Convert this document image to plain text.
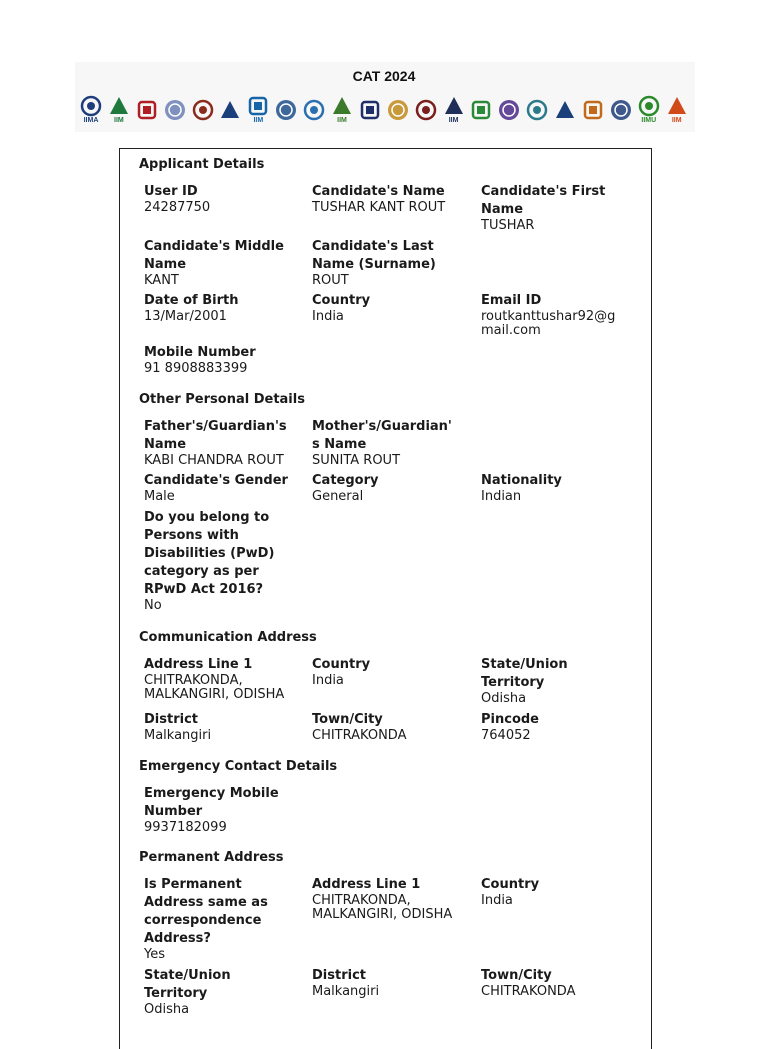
CAT 2024
IIMA IIM	IIM	IIM	IIM	IIMU IIM
Applicant Details
User ID
24287750
Candidate's Name
TUSHAR KANT ROUT
Candidate's First Name
TUSHAR
Candidate's Middle Name
KANT
Candidate's Last Name (Surname)
ROUT
Date of Birth
13/Mar/2001
Country
India
Email ID
routkanttushar92@gmail.com
Mobile Number
91 8908883399
Other Personal Details
Father's/Guardian's Name
KABI CHANDRA ROUT
Mother's/Guardian's Name
SUNITA ROUT
Candidate's Gender
Male
Category
General
Nationality
Indian
Do you belong to Persons with Disabilities (PwD) category as per RPwD Act 2016?
No
Communication Address
Address Line 1
CHITRAKONDA, MALKANGIRI, ODISHA
Country
India
State/Union Territory
Odisha
District
Malkangiri
Town/City
CHITRAKONDA
Pincode
764052
Emergency Contact Details
Emergency Mobile Number
9937182099
Permanent Address
Is Permanent Address same as correspondence Address?
Yes
Address Line 1
CHITRAKONDA, MALKANGIRI, ODISHA
Country
India
State/Union Territory
Odisha
District
Malkangiri
Town/City
CHITRAKONDA
